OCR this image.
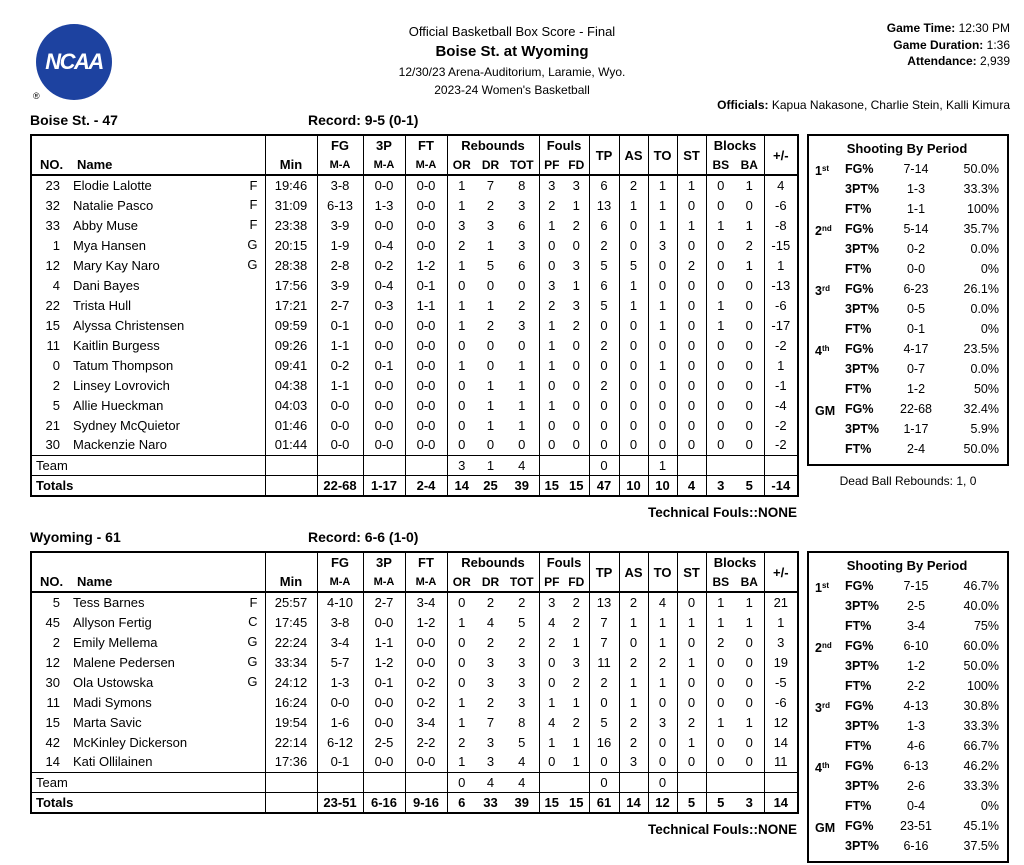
NCAA
®
Official Basketball Box Score - Final
Boise St. at Wyoming
12/30/23 Arena-Auditorium, Laramie, Wyo.
2023-24 Women's Basketball
Game Time: 12:30 PM
Game Duration: 1:36
Attendance: 2,939
Officials: Kapua Nakasone, Charlie Stein, Kalli Kimura
Boise St. - 47	Record: 9-5 (0-1)
			FG	3P	FT	Rebounds			Fouls		TP	AS	TO	ST	Blocks		+/-
NO.	Name	Min	M-A	M-A	M-A	OR	DR	TOT	PF	FD					BS	BA	
23	Elodie Lalotte F	19:46	3-8	0-0	0-0	1	7	8	3	3	6	2	1	1	0	1	4
32	Natalie Pasco F	31:09	6-13	1-3	0-0	1	2	3	2	1	13	1	1	0	0	0	-6
33	Abby Muse F	23:38	3-9	0-0	0-0	3	3	6	1	2	6	0	1	1	1	1	-8
1	Mya Hansen G	20:15	1-9	0-4	0-0	2	1	3	0	0	2	0	3	0	0	2	-15
12	Mary Kay Naro G	28:38	2-8	0-2	1-2	1	5	6	0	3	5	5	0	2	0	1	1
4	Dani Bayes	17:56	3-9	0-4	0-1	0	0	0	3	1	6	1	0	0	0	0	-13
22	Trista Hull	17:21	2-7	0-3	1-1	1	1	2	2	3	5	1	1	0	1	0	-6
15	Alyssa Christensen	09:59	0-1	0-0	0-0	1	2	3	1	2	0	0	1	0	1	0	-17
11	Kaitlin Burgess	09:26	1-1	0-0	0-0	0	0	0	1	0	2	0	0	0	0	0	-2
0	Tatum Thompson	09:41	0-2	0-1	0-0	1	0	1	1	0	0	0	1	0	0	0	1
2	Linsey Lovrovich	04:38	1-1	0-0	0-0	0	1	1	0	0	2	0	0	0	0	0	-1
5	Allie Hueckman	04:03	0-0	0-0	0-0	0	1	1	1	0	0	0	0	0	0	0	-4
21	Sydney McQuietor	01:46	0-0	0-0	0-0	0	1	1	0	0	0	0	0	0	0	0	-2
30	Mackenzie Naro	01:44	0-0	0-0	0-0	0	0	0	0	0	0	0	0	0	0	0	-2
Team						3	1	4			0		1				
Totals			22-68	1-17	2-4	14	25	39	15	15	47	10	10	4	3	5	-14
Technical Fouls::NONE
Shooting By Period
1st	FG%	7-14	50.0%
3PT%	1-3	33.3%
FT%	1-1	100%
2nd	FG%	5-14	35.7%
3PT%	0-2	0.0%
FT%	0-0	0%
3rd	FG%	6-23	26.1%
3PT%	0-5	0.0%
FT%	0-1	0%
4th	FG%	4-17	23.5%
3PT%	0-7	0.0%
FT%	1-2	50%
GM FG%	22-68	32.4%
3PT%	1-17	5.9%
FT%	2-4	50.0%
Dead Ball Rebounds: 1, 0
Wyoming - 61	Record: 6-6 (1-0)
			FG	3P	FT	Rebounds			Fouls		TP	AS	TO	ST	Blocks		+/-
NO.	Name	Min	M-A	M-A	M-A	OR	DR	TOT	PF	FD					BS	BA	
5	Tess Barnes F	25:57	4-10	2-7	3-4	0	2	2	3	2	13	2	4	0	1	1	21
45	Allyson Fertig C	17:45	3-8	0-0	1-2	1	4	5	4	2	7	1	1	1	1	1	1
2	Emily Mellema G	22:24	3-4	1-1	0-0	0	2	2	2	1	7	0	1	0	2	0	3
12	Malene Pedersen G	33:34	5-7	1-2	0-0	0	3	3	0	3	11	2	2	1	0	0	19
30	Ola Ustowska G	24:12	1-3	0-1	0-2	0	3	3	0	2	2	1	1	0	0	0	-5
11	Madi Symons	16:24	0-0	0-0	0-2	1	2	3	1	1	0	1	0	0	0	0	-6
15	Marta Savic	19:54	1-6	0-0	3-4	1	7	8	4	2	5	2	3	2	1	1	12
42	McKinley Dickerson	22:14	6-12	2-5	2-2	2	3	5	1	1	16	2	0	1	0	0	14
14	Kati Ollilainen	17:36	0-1	0-0	0-0	1	3	4	0	1	0	3	0	0	0	0	11
Team						0	4	4			0		0				
Totals			23-51	6-16	9-16	6	33	39	15	15	61	14	12	5	5	3	14
Technical Fouls::NONE
Shooting By Period
1st	FG%	7-15	46.7%
3PT%	2-5	40.0%
FT%	3-4	75%
2nd	FG%	6-10	60.0%
3PT%	1-2	50.0%
FT%	2-2	100%
3rd	FG%	4-13	30.8%
3PT%	1-3	33.3%
FT%	4-6	66.7%
4th	FG%	6-13	46.2%
3PT%	2-6	33.3%
FT%	0-4	0%
GM FG%	23-51	45.1%
3PT%	6-16	37.5%
